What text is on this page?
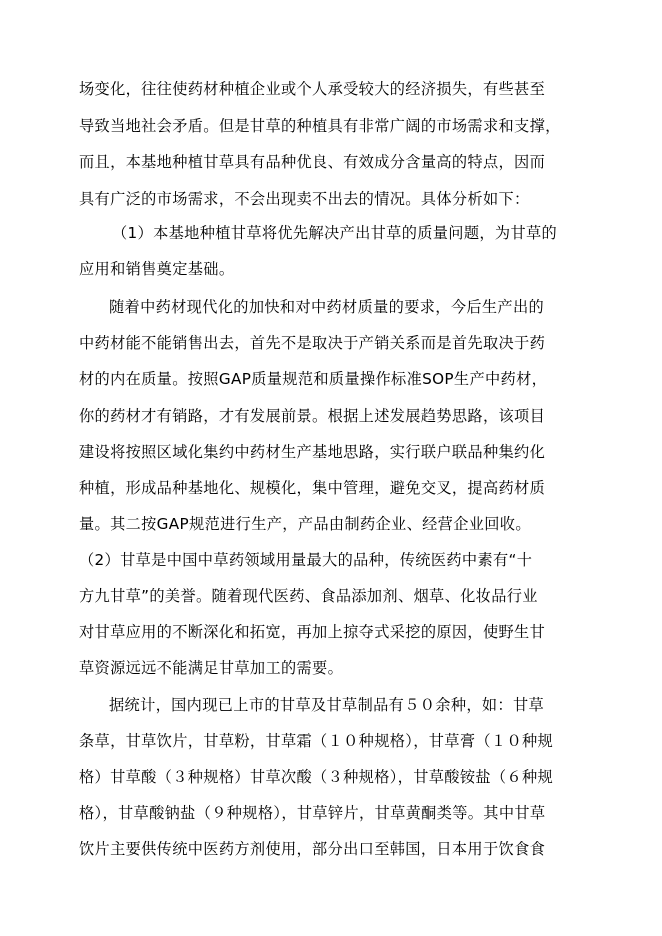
场变化，往往使药材种植企业或个人承受较大的经济损失，有些甚至

导致当地社会矛盾。但是甘草的种植具有非常广阔的市场需求和支撑，

而且，本基地种植甘草具有品种优良、有效成分含量高的特点，因而

具有广泛的市场需求，不会出现卖不出去的情况。具体分析如下：

（1）本基地种植甘草将优先解决产出甘草的质量问题，为甘草的

应用和销售奠定基础。

随着中药材现代化的加快和对中药材质量的要求，今后生产出的

中药材能不能销售出去，首先不是取决于产销关系而是首先取决于药

材的内在质量。按照GAP质量规范和质量操作标准SOP生产中药材，

你的药材才有销路，才有发展前景。根据上述发展趋势思路，该项目

建设将按照区域化集约中药材生产基地思路，实行联户联品种集约化

种植，形成品种基地化、规模化，集中管理，避免交叉，提高药材质

量。其二按GAP规范进行生产，产品由制药企业、经营企业回收。

（2）甘草是中国中草药领域用量最大的品种，传统医药中素有“十

方九甘草”的美誉。随着现代医药、食品添加剂、烟草、化妆品行业

对甘草应用的不断深化和拓宽，再加上掠夺式采挖的原因，使野生甘

草资源远远不能满足甘草加工的需要。

据统计，国内现已上市的甘草及甘草制品有５０余种，如：甘草

条草，甘草饮片，甘草粉，甘草霜（１０种规格），甘草膏（１０种规

格）甘草酸（３种规格）甘草次酸（３种规格），甘草酸铵盐（６种规

格），甘草酸钠盐（９种规格），甘草锌片，甘草黄酮类等。其中甘草

饮片主要供传统中医药方剂使用，部分出口至韩国，日本用于饮食食
